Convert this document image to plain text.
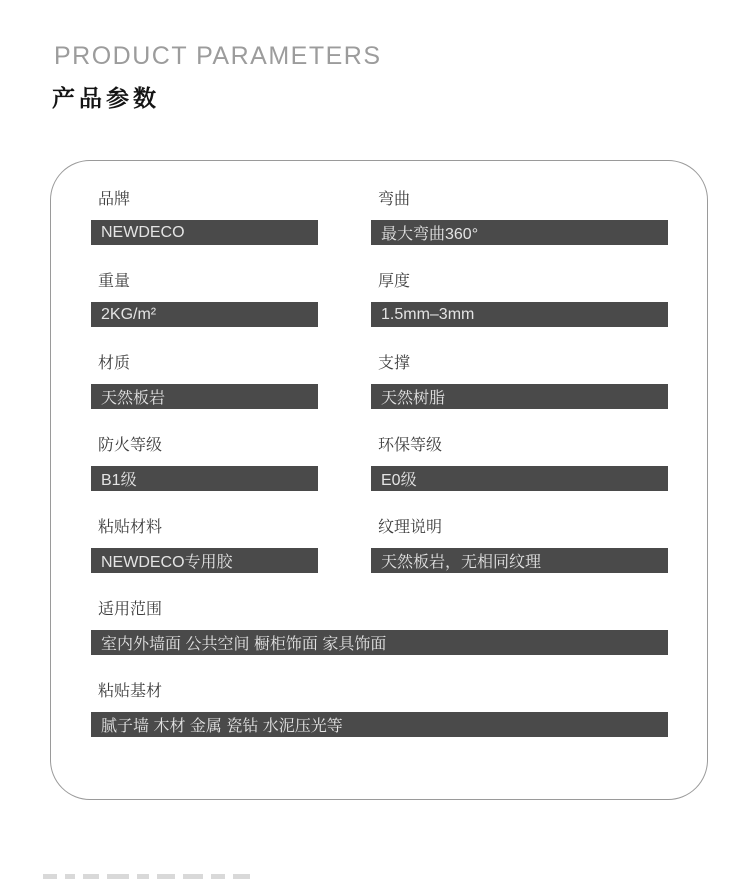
PRODUCT PARAMETERS
产品参数
品牌
NEWDECO
弯曲
最大弯曲360°
重量
2KG/m²
厚度
1.5mm–3mm
材质
天然板岩
支撑
天然树脂
防火等级
B1级
环保等级
E0级
粘贴材料
NEWDECO专用胶
纹理说明
天然板岩，无相同纹理
适用范围
室内外墙面 公共空间 橱柜饰面 家具饰面
粘贴基材
腻子墙 木材 金属 瓷钻 水泥压光等
